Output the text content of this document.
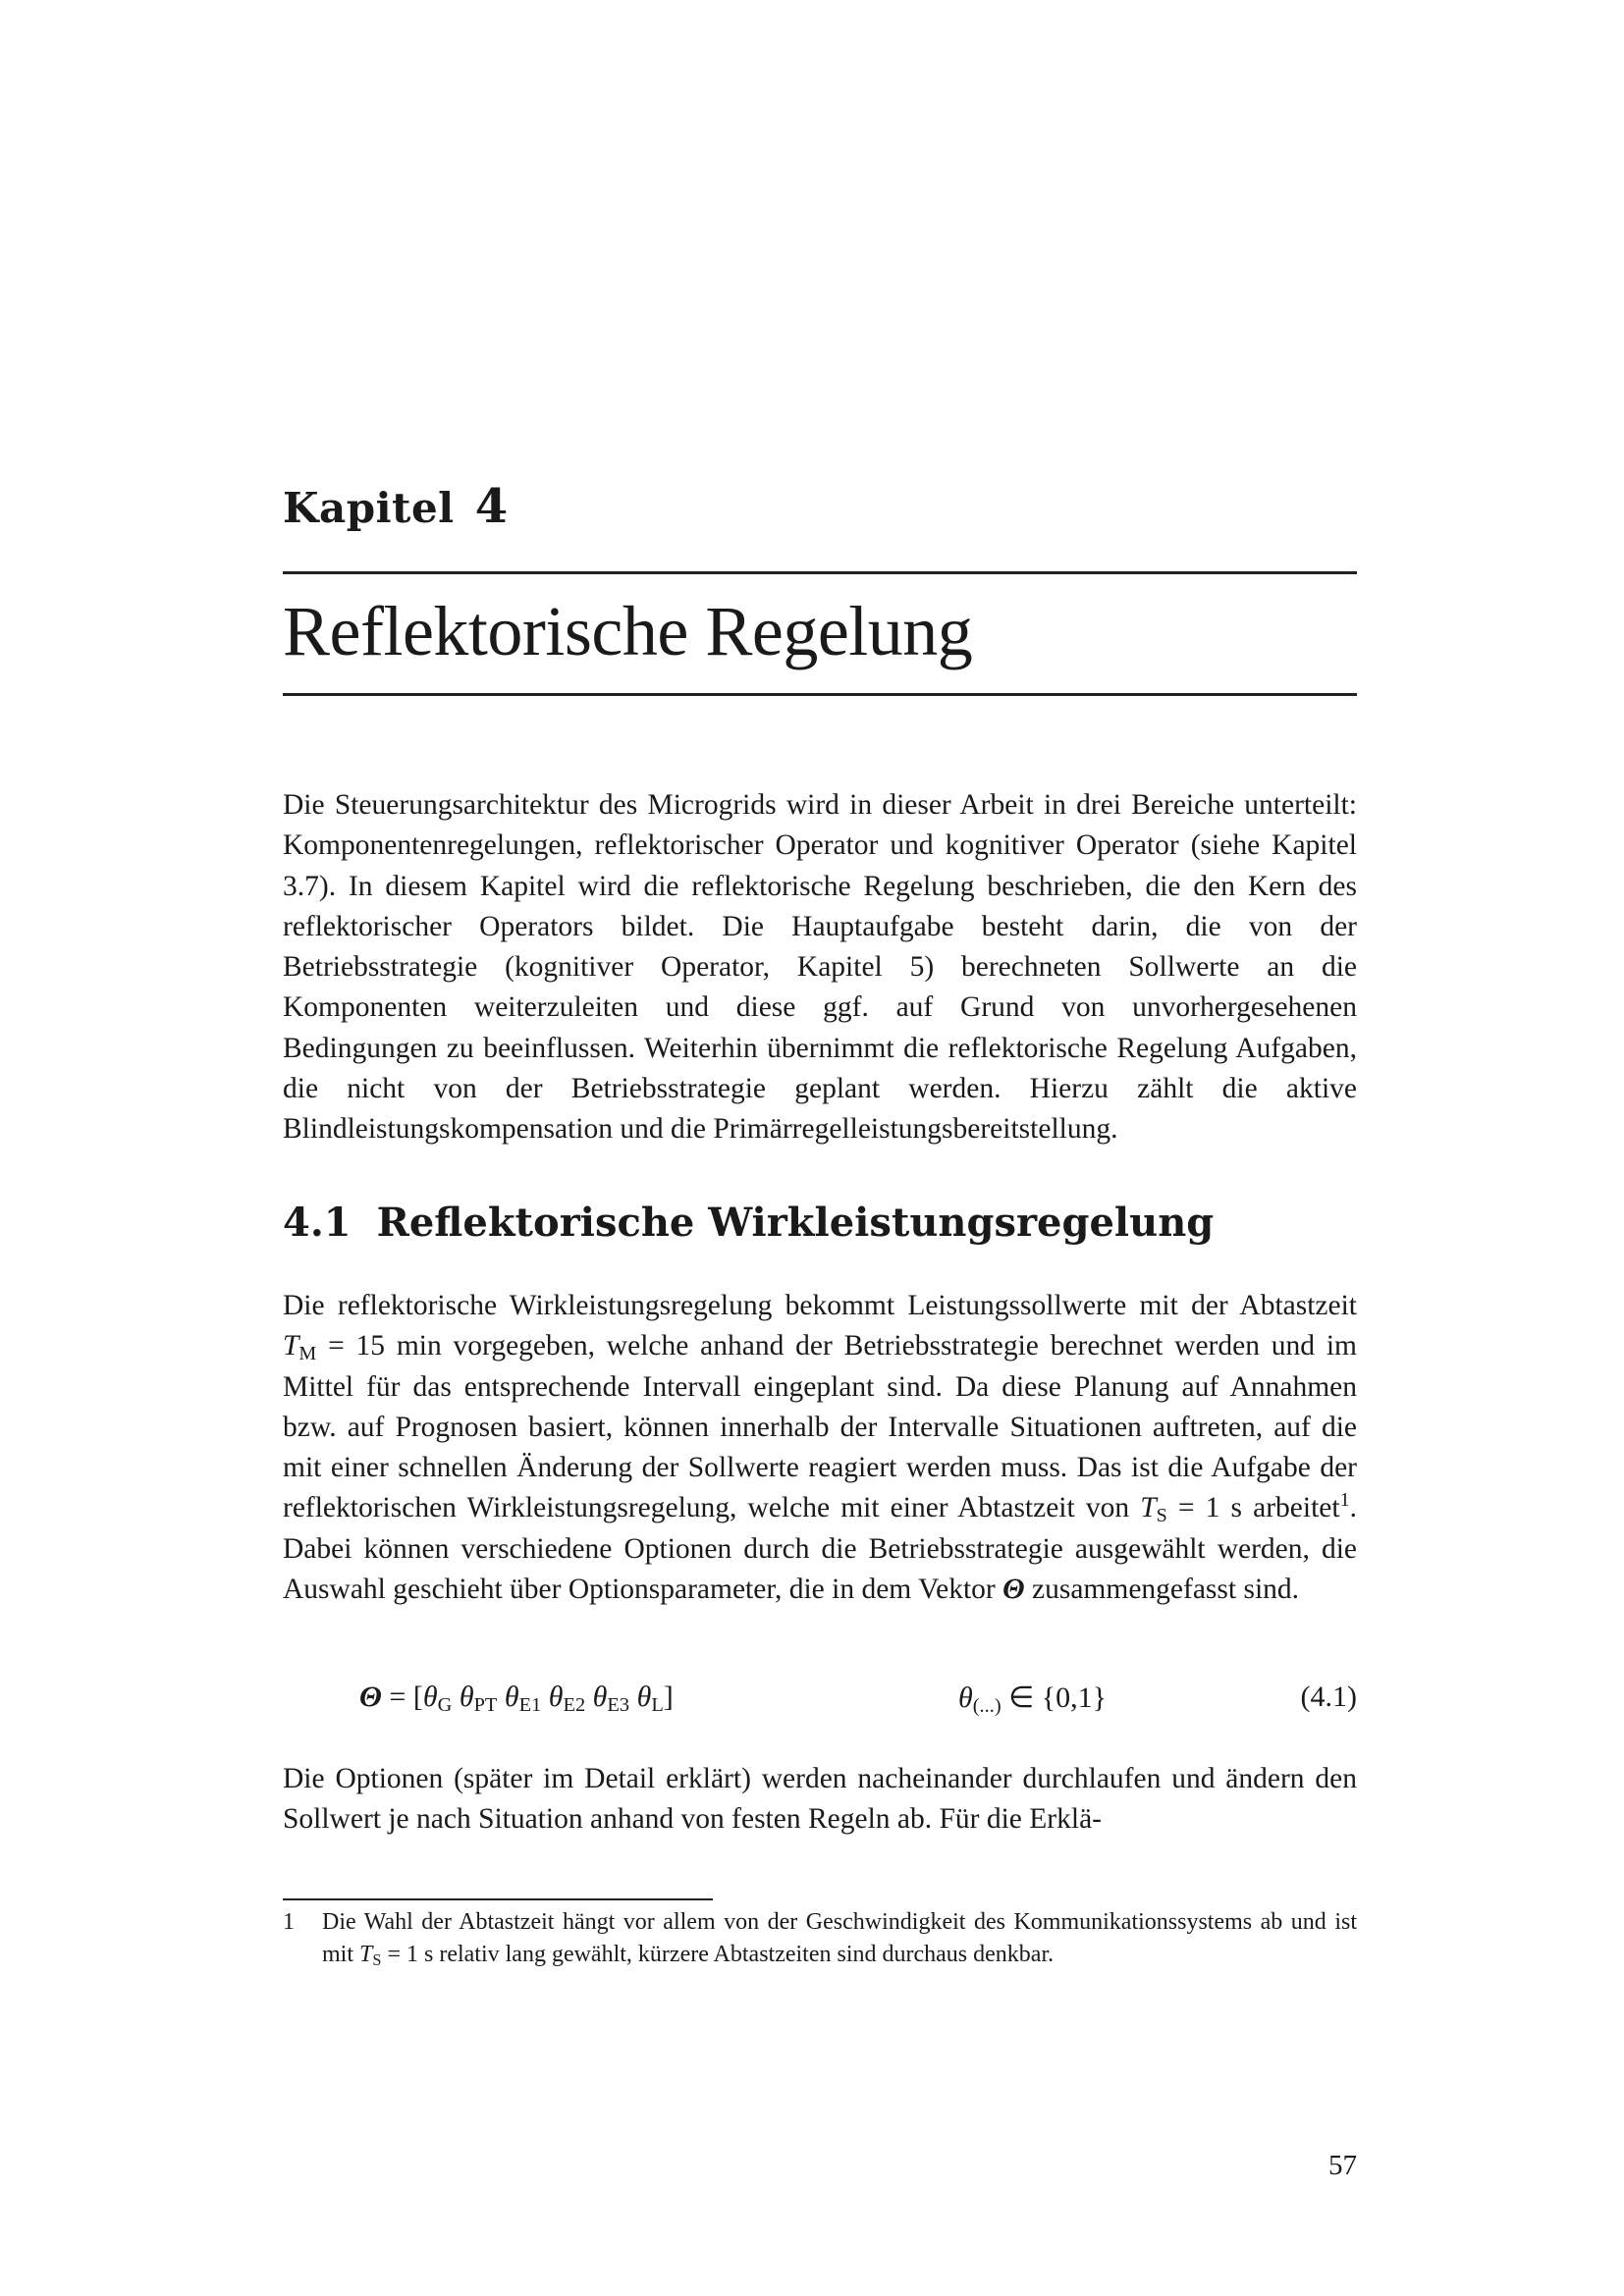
Kapitel 4
Reflektorische Regelung
Die Steuerungsarchitektur des Microgrids wird in dieser Arbeit in drei Bereiche unterteilt: Komponentenregelungen, reflektorischer Operator und kognitiver Operator (siehe Kapitel 3.7). In diesem Kapitel wird die reflektorische Regelung beschrieben, die den Kern des reflektorischer Operators bildet. Die Hauptaufgabe besteht darin, die von der Betriebsstrategie (kognitiver Operator, Kapitel 5) berechneten Sollwerte an die Komponenten weiterzuleiten und diese ggf. auf Grund von unvorhergesehenen Bedingungen zu beeinflussen. Weiterhin übernimmt die reflektorische Regelung Aufgaben, die nicht von der Betriebsstrategie geplant werden. Hierzu zählt die aktive Blindleistungskompensation und die Primärregelleistungsbereitstellung.
4.1 Reflektorische Wirkleistungsregelung
Die reflektorische Wirkleistungsregelung bekommt Leistungssollwerte mit der Abtastzeit $T_M = 15$ min vorgegeben, welche anhand der Betriebsstrategie berechnet werden und im Mittel für das entsprechende Intervall eingeplant sind. Da diese Planung auf Annahmen bzw. auf Prognosen basiert, können innerhalb der Intervalle Situationen auftreten, auf die mit einer schnellen Änderung der Sollwerte reagiert werden muss. Das ist die Aufgabe der reflektorischen Wirkleistungsregelung, welche mit einer Abtastzeit von $T_S = 1$ s arbeitet$^1$. Dabei können verschiedene Optionen durch die Betriebsstrategie ausgewählt werden, die Auswahl geschieht über Optionsparameter, die in dem Vektor Θ zusammengefasst sind.
$\Theta = [\theta_G$ $\theta_{PT}$ $\theta_{E1}$ $\theta_{E2}$ $\theta_{E3}$ $\theta_L$]	$\theta_{(...)}$ ∈ {0,1}	(4.1)
Die Optionen (später im Detail erklärt) werden nacheinander durchlaufen und ändern den Sollwert je nach Situation anhand von festen Regeln ab. Für die Erklä-
1 Die Wahl der Abtastzeit hängt vor allem von der Geschwindigkeit des Kommunikationssystems ab und ist mit $T_S = 1$ s relativ lang gewählt, kürzere Abtastzeiten sind durchaus denkbar.
57
